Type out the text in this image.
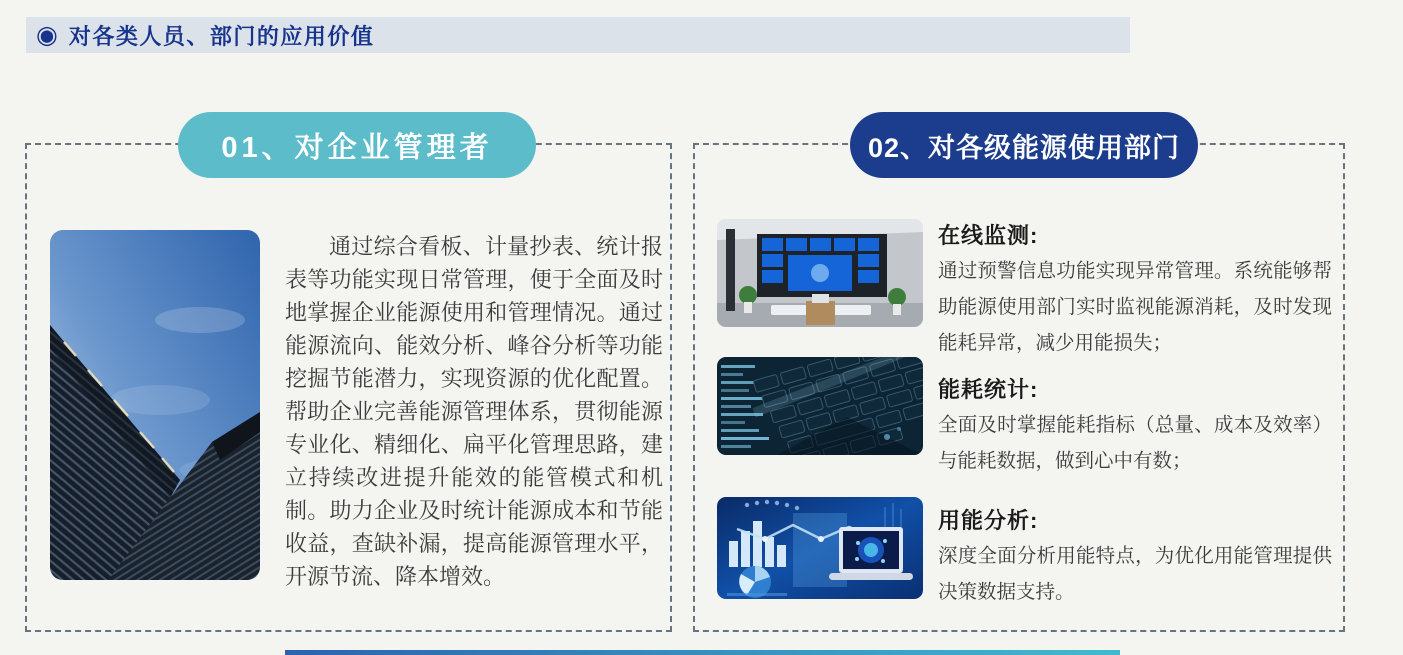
◉ 对各类人员、部门的应用价值
01、对企业管理者

通过综合看板、计量抄表、统计报表等功能实现日常管理，便于全面及时地掌握企业能源使用和管理情况。通过能源流向、能效分析、峰谷分析等功能挖掘节能潜力，实现资源的优化配置。帮助企业完善能源管理体系，贯彻能源专业化、精细化、扁平化管理思路，建立持续改进提升能效的能管模式和机制。助力企业及时统计能源成本和节能收益，查缺补漏，提高能源管理水平，开源节流、降本增效。

02、对各级能源使用部门
在线监测:

通过预警信息功能实现异常管理。系统能够帮助能源使用部门实时监视能源消耗，及时发现能耗异常，减少用能损失；

能耗统计:

全面及时掌握能耗指标（总量、成本及效率）与能耗数据，做到心中有数；

用能分析:

深度全面分析用能特点，为优化用能管理提供决策数据支持。
